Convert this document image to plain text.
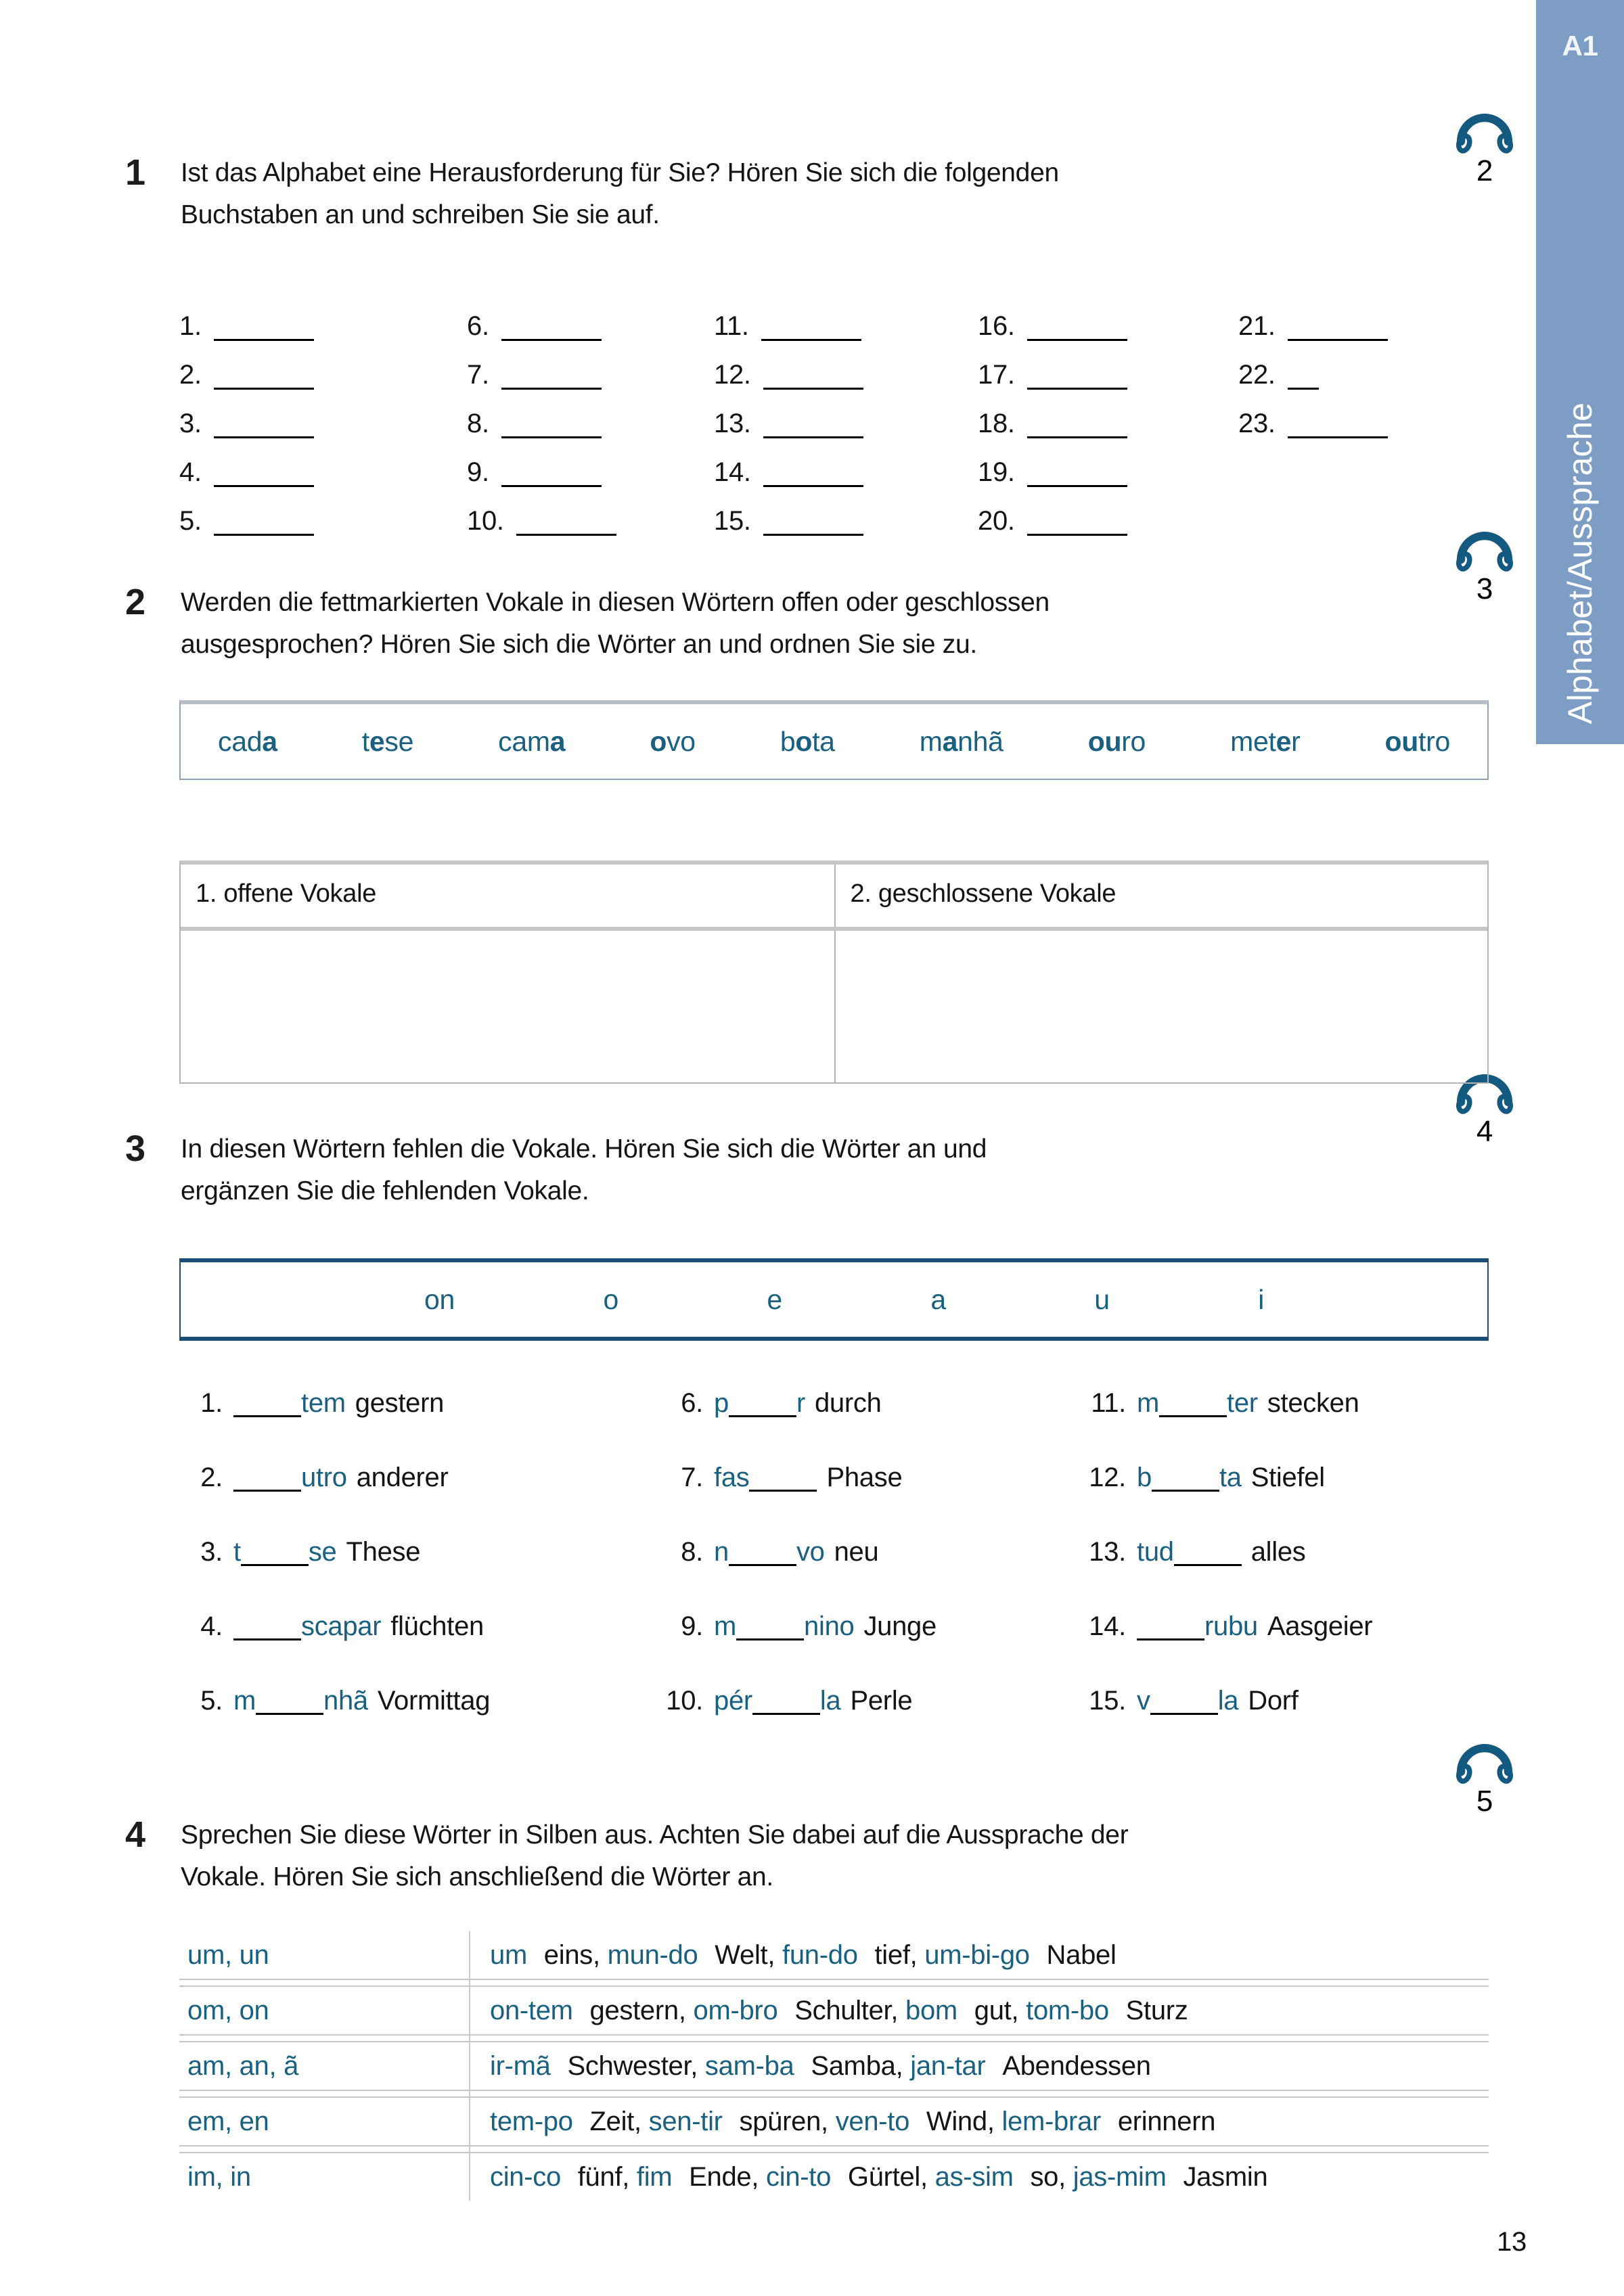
A1
Alphabet/Aussprache
2
3
4
5
1	Ist das Alphabet eine Herausforderung für Sie? Hören Sie sich die folgenden
Buchstaben an und schreiben Sie sie auf.
1.
2.
3.
4.
5.
6.
7.
8.
9.
10.
11.
12.
13.
14.
15.
16.
17.
18.
19.
20.
21.
22.
23.
2	Werden die fettmarkierten Vokale in diesen Wörtern offen oder geschlossen
ausgesprochen? Hören Sie sich die Wörter an und ordnen Sie sie zu.
cada	tese	cama	ovo	bota	manhã	ouro	meter	outro
1. offene Vokale	2. geschlossene Vokale
3	In diesen Wörtern fehlen die Vokale. Hören Sie sich die Wörter an und
ergänzen Sie die fehlenden Vokale.
on	o	e	a	u	i
1.	tem gestern
2.	utro anderer
3. t	se These
4.	scapar flüchten
5. m	nhã Vormittag
6. p	r durch
7. fas	Phase
8. n	vo neu
9. m	nino Junge
10. pér	la Perle
11. m	ter stecken
12. b	ta Stiefel
13. tud	alles
14.	rubu Aasgeier
15. v	la Dorf
4	Sprechen Sie diese Wörter in Silben aus. Achten Sie dabei auf die Aussprache der
Vokale. Hören Sie sich anschließend die Wörter an.
um, un	um eins, mun-do Welt, fun-do tief, um-bi-go Nabel
om, on	on-tem gestern, om-bro Schulter, bom gut, tom-bo Sturz
am, an, ã	ir-mã Schwester, sam-ba Samba, jan-tar Abendessen
em, en	tem-po Zeit, sen-tir spüren, ven-to Wind, lem-brar erinnern
im, in	cin-co fünf, fim Ende, cin-to Gürtel, as-sim so, jas-mim Jasmin
13
